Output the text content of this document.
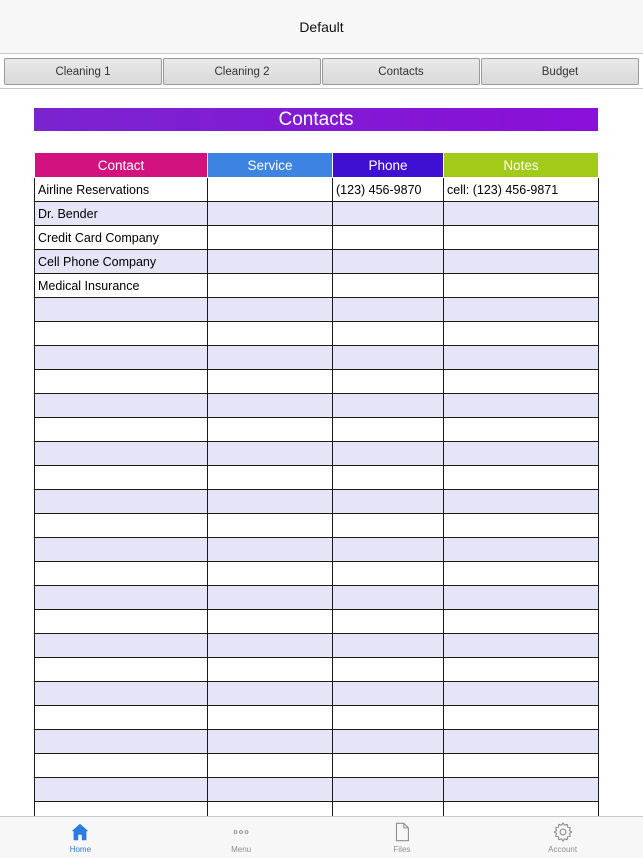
Default
Cleaning 1	Cleaning 2	Contacts	Budget
Contacts
Contact	Service	Phone	Notes
Airline Reservations		(123) 456-9870	cell: (123) 456-9871
Dr. Bender			
Credit Card Company			
Cell Phone Company			
Medical Insurance			

Home	Menu	Files	Account
